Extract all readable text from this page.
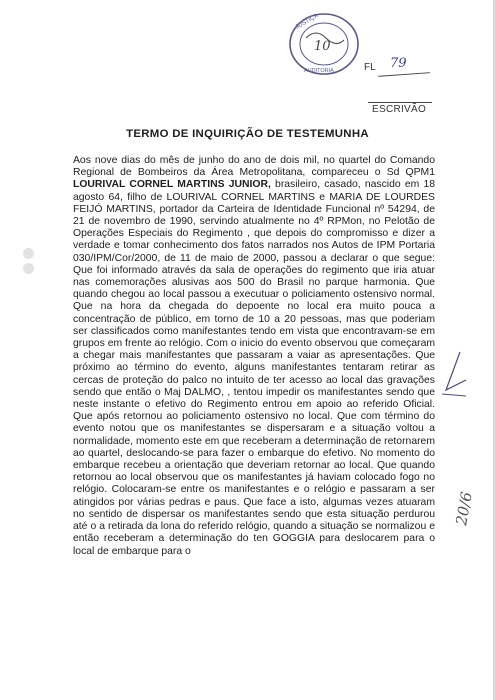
JUSTIÇA
AUDITORIA
10
FL 79
ESCRIVÃO
TERMO DE INQUIRIÇÃO DE TESTEMUNHA
Aos nove dias do mês de junho do ano de dois mil, no quartel do Comando Regional de Bombeiros da Área Metropolitana, compareceu o Sd QPM1 LOURIVAL CORNEL MARTINS JUNIOR, brasileiro, casado, nascido em 18 agosto 64, filho de LOURIVAL CORNEL MARTINS e MARIA DE LOURDES FEIJÓ MARTINS, portador da Carteira de Identidade Funcional nº 54294, de 21 de novembro de 1990, servindo atualmente no 4º RPMon, no Pelotão de Operações Especiais do Regimento , que depois do compromisso e dizer a verdade e tomar conhecimento dos fatos narrados nos Autos de IPM Portaria 030/IPM/Cor/2000, de 11 de maio de 2000, passou a declarar o que segue: Que foi informado através da sala de operações do regimento que iria atuar nas comemorações alusivas aos 500 do Brasil no parque harmonia. Que quando chegou ao local passou a executuar o policiamento ostensivo normal. Que na hora da chegada do depoente no local era muito pouca a concentração de público, em torno de 10 a 20 pessoas, mas que poderiam ser classificados como manifestantes tendo em vista que encontravam-se em grupos em frente ao relógio. Com o inicio do evento observou que começaram a chegar mais manifestantes que passaram a vaiar as apresentações. Que próximo ao término do evento, alguns manifestantes tentaram retirar as cercas de proteção do palco no intuito de ter acesso ao local das gravações sendo que então o Maj DALMO, , tentou impedir os manifestantes sendo que neste instante o efetivo do Regimento entrou em apoio ao referido Oficial. Que após retornou ao policiamento ostensivo no local. Que com término do evento notou que os manifestantes se dispersaram e a situação voltou a normalidade, momento este em que receberam a determinação de retornarem ao quartel, deslocando-se para fazer o embarque do efetivo. No momento do embarque recebeu a orientação que deveriam retornar ao local. Que quando retornou ao local observou que os manifestantes já haviam colocado fogo no relógio. Colocaram-se entre os manifestantes e o relógio e passaram a ser atingidos por várias pedras e paus. Que face a isto, algumas vezes atuaram no sentido de dispersar os manifestantes sendo que esta situação perdurou até o a retirada da lona do referido relógio, quando a situação se normalizou e então receberam a determinação do ten GOGGIA para deslocarem para o local de embarque para o
20/6
